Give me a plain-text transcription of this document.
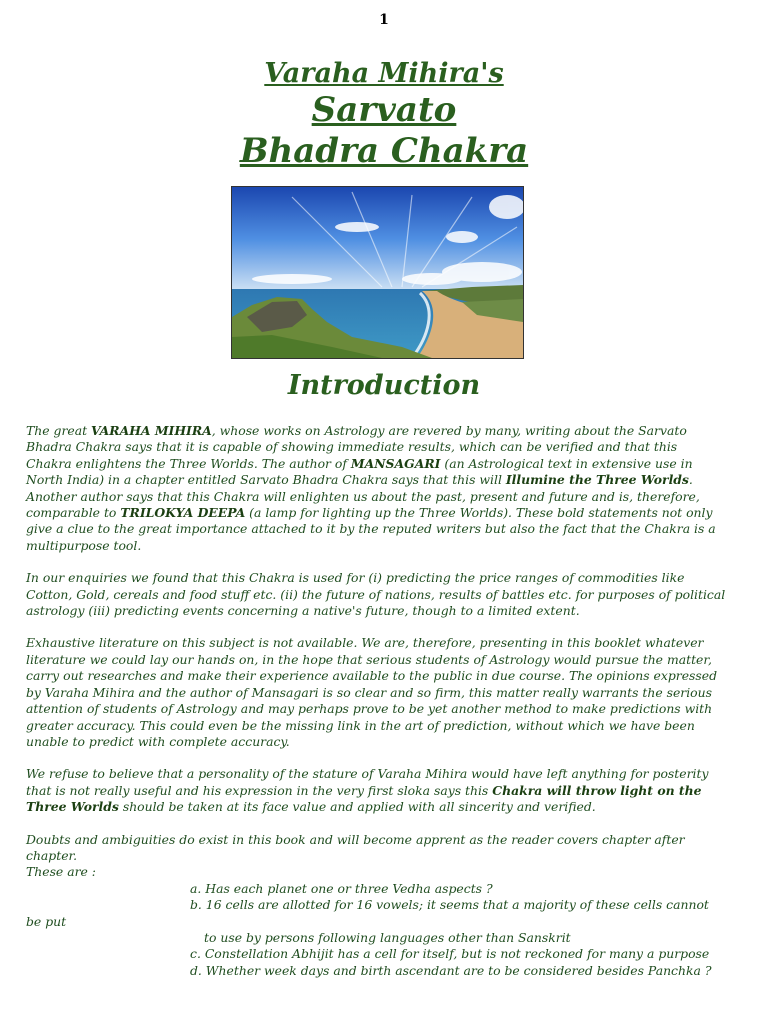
1
Varaha Mihira's
Sarvato
Bhadra Chakra
Introduction

The great VARAHA MIHIRA, whose works on Astrology are revered by many, writing about the Sarvato Bhadra Chakra says that it is capable of showing immediate results, which can be verified and that this Chakra enlightens the Three Worlds. The author of MANSAGARI (an Astrological text in extensive use in North India) in a chapter entitled Sarvato Bhadra Chakra says that this will Illumine the Three Worlds. Another author says that this Chakra will enlighten us about the past, present and future and is, therefore, comparable to TRILOKYA DEEPA (a lamp for lighting up the Three Worlds). These bold statements not only give a clue to the great importance attached to it by the reputed writers but also the fact that the Chakra is a multipurpose tool.

In our enquiries we found that this Chakra is used for (i) predicting the price ranges of commodities like Cotton, Gold, cereals and food stuff etc. (ii) the future of nations, results of battles etc. for purposes of political astrology (iii) predicting events concerning a native's future, though to a limited extent.

Exhaustive literature on this subject is not available. We are, therefore, presenting in this booklet whatever literature we could lay our hands on, in the hope that serious students of Astrology would pursue the matter, carry out researches and make their experience available to the public in due course. The opinions expressed by Varaha Mihira and the author of Mansagari is so clear and so firm, this matter really warrants the serious attention of students of Astrology and may perhaps prove to be yet another method to make predictions with greater accuracy. This could even be the missing link in the art of prediction, without which we have been unable to predict with complete accuracy.

We refuse to believe that a personality of the stature of Varaha Mihira would have left anything for posterity that is not really useful and his expression in the very first sloka says this Chakra will throw light on the Three Worlds should be taken at its face value and applied with all sincerity and verified.

Doubts and ambiguities do exist in this book and will become apprent as the reader covers chapter after chapter.

These are :

a. Has each planet one or three Vedha aspects ?

b. 16 cells are allotted for 16 vowels; it seems that a majority of these cells cannot

be put

to use by persons following languages other than Sanskrit

c. Constellation Abhijit has a cell for itself, but is not reckoned for many a purpose

d. Whether week days and birth ascendant are to be considered besides Panchka ?
